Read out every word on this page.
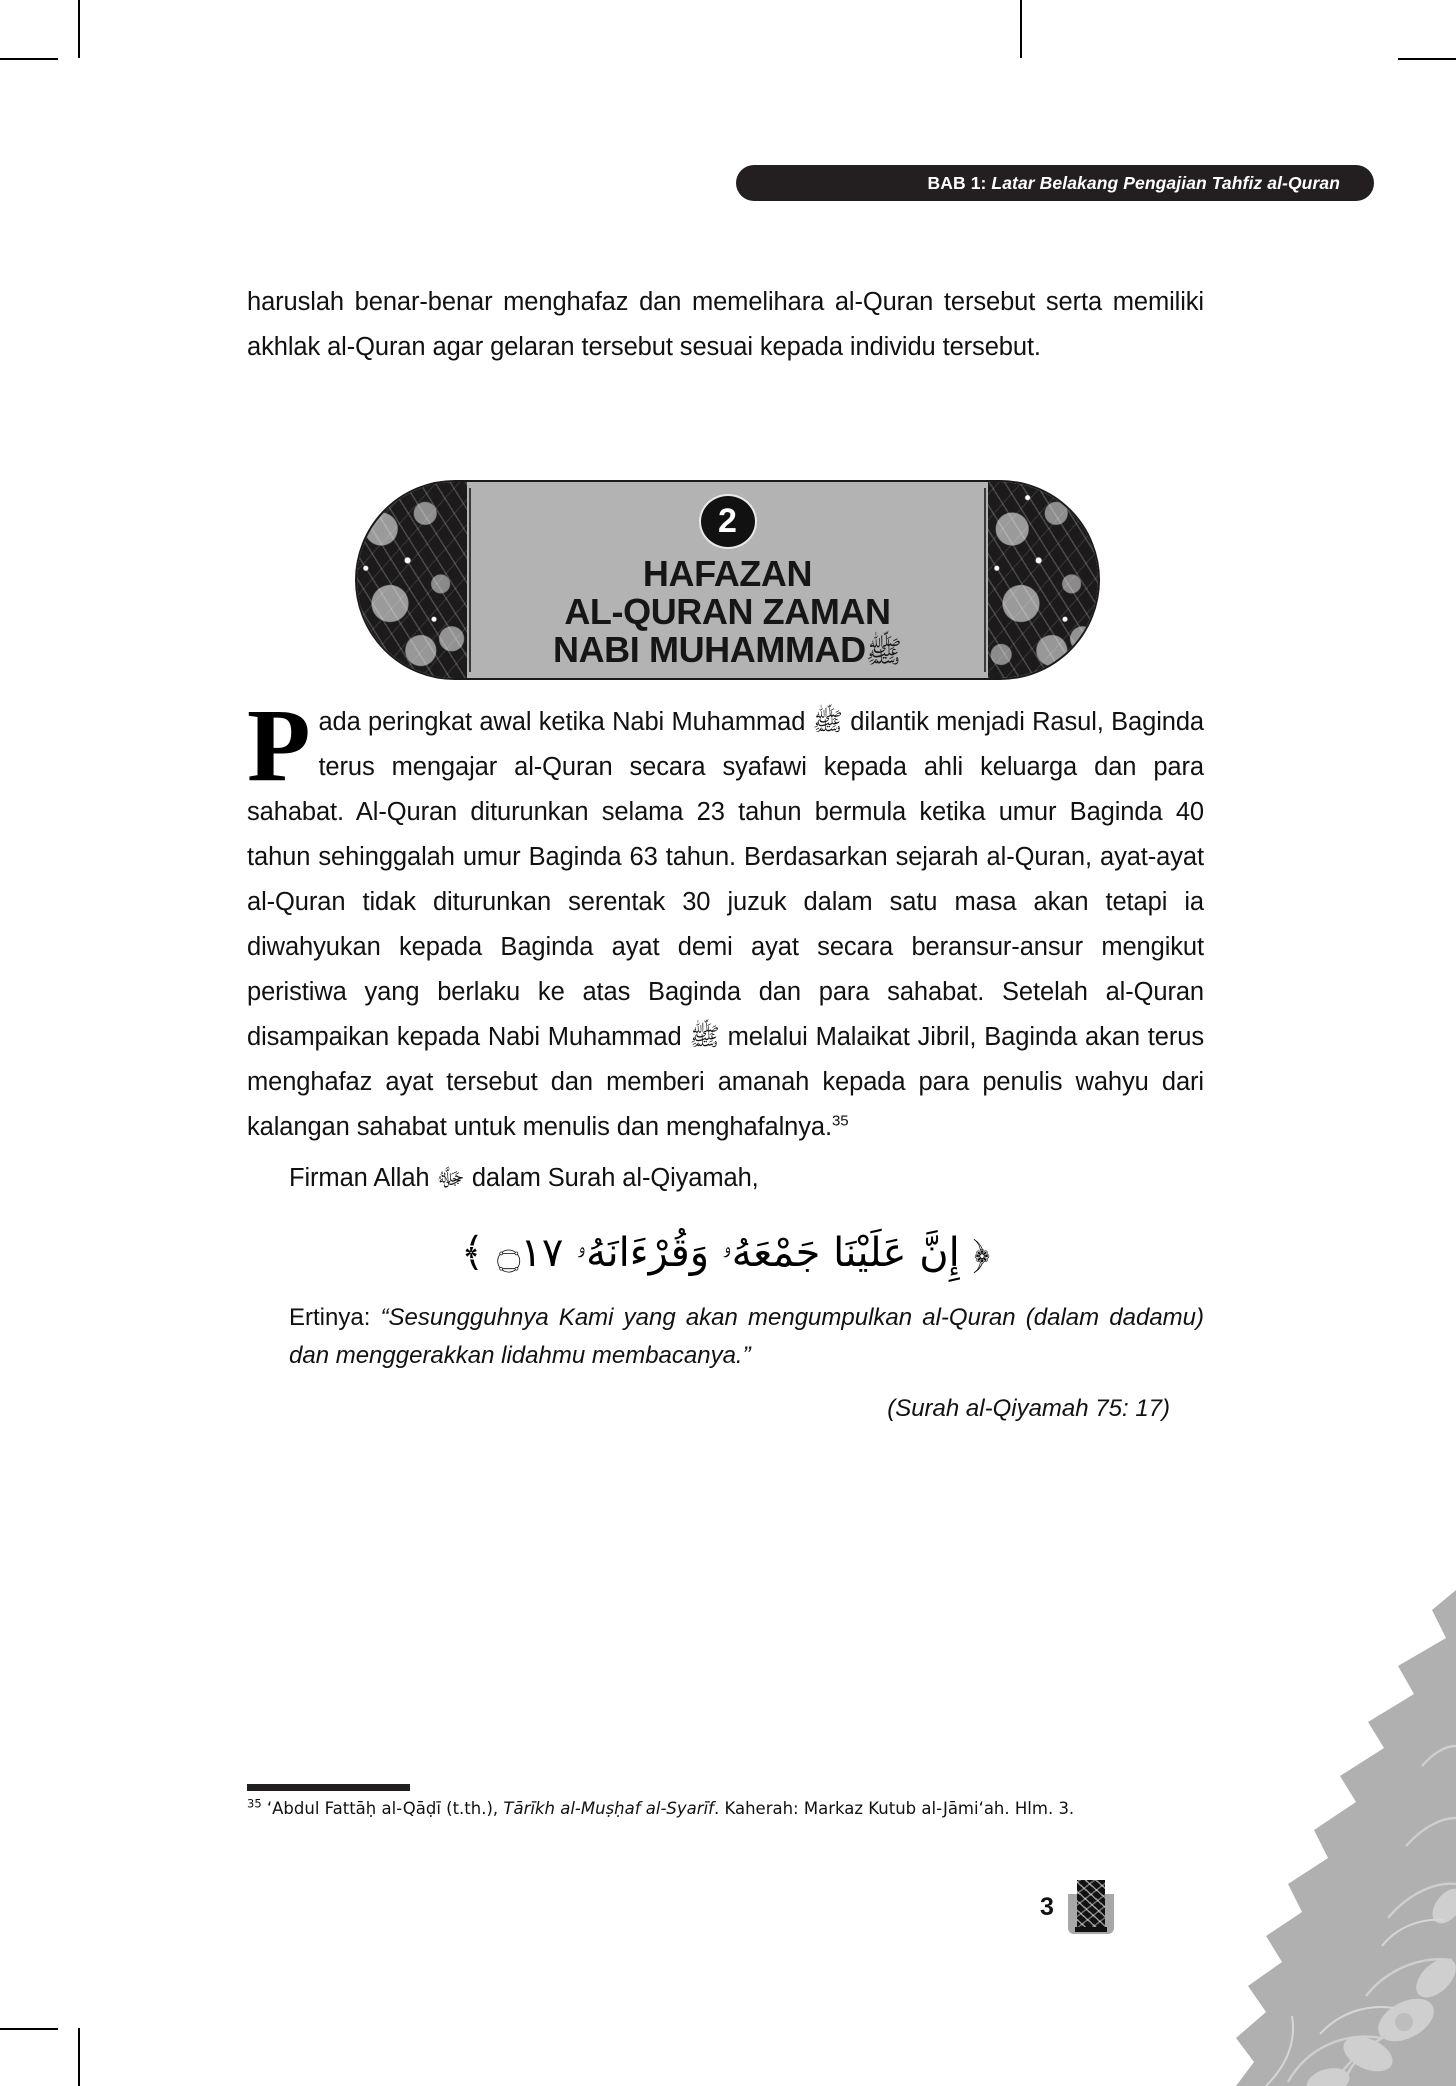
BAB 1: Latar Belakang Pengajian Tahfiz al-Quran

haruslah benar-benar menghafaz dan memelihara al-Quran tersebut serta memiliki akhlak al-Quran agar gelaran tersebut sesuai kepada individu tersebut.

2
HAFAZAN
AL-QURAN ZAMAN
NABI MUHAMMADﷺ

Pada peringkat awal ketika Nabi Muhammad ﷺ dilantik menjadi Rasul, Baginda terus mengajar al-Quran secara syafawi kepada ahli keluarga dan para sahabat. Al-Quran diturunkan selama 23 tahun bermula ketika umur Baginda 40 tahun sehinggalah umur Baginda 63 tahun. Berdasarkan sejarah al-Quran, ayat-ayat al-Quran tidak diturunkan serentak 30 juzuk dalam satu masa akan tetapi ia diwahyukan kepada Baginda ayat demi ayat secara beransur-ansur mengikut peristiwa yang berlaku ke atas Baginda dan para sahabat. Setelah al-Quran disampaikan kepada Nabi Muhammad ﷺ melalui Malaikat Jibril, Baginda akan terus menghafaz ayat tersebut dan memberi amanah kepada para penulis wahyu dari kalangan sahabat untuk menulis dan menghafalnya.$^{35}$

Firman Allah ﷻ dalam Surah al-Qiyamah,

﴿ إِنَّ عَلَيْنَا جَمْعَهُۥ وَقُرْءَانَهُۥ ۝١٧ ﴾

Ertinya: “Sesungguhnya Kami yang akan mengumpulkan al-Quran (dalam dadamu) dan menggerakkan lidahmu membacanya.”

(Surah al-Qiyamah 75: 17)

$^{35}$ ʻAbdul Fattāḥ al-Qāḍī (t.th.), Tārīkh al-Muṣḥaf al-Syarīf. Kaherah: Markaz Kutub al-Jāmiʻah. Hlm. 3.

3
